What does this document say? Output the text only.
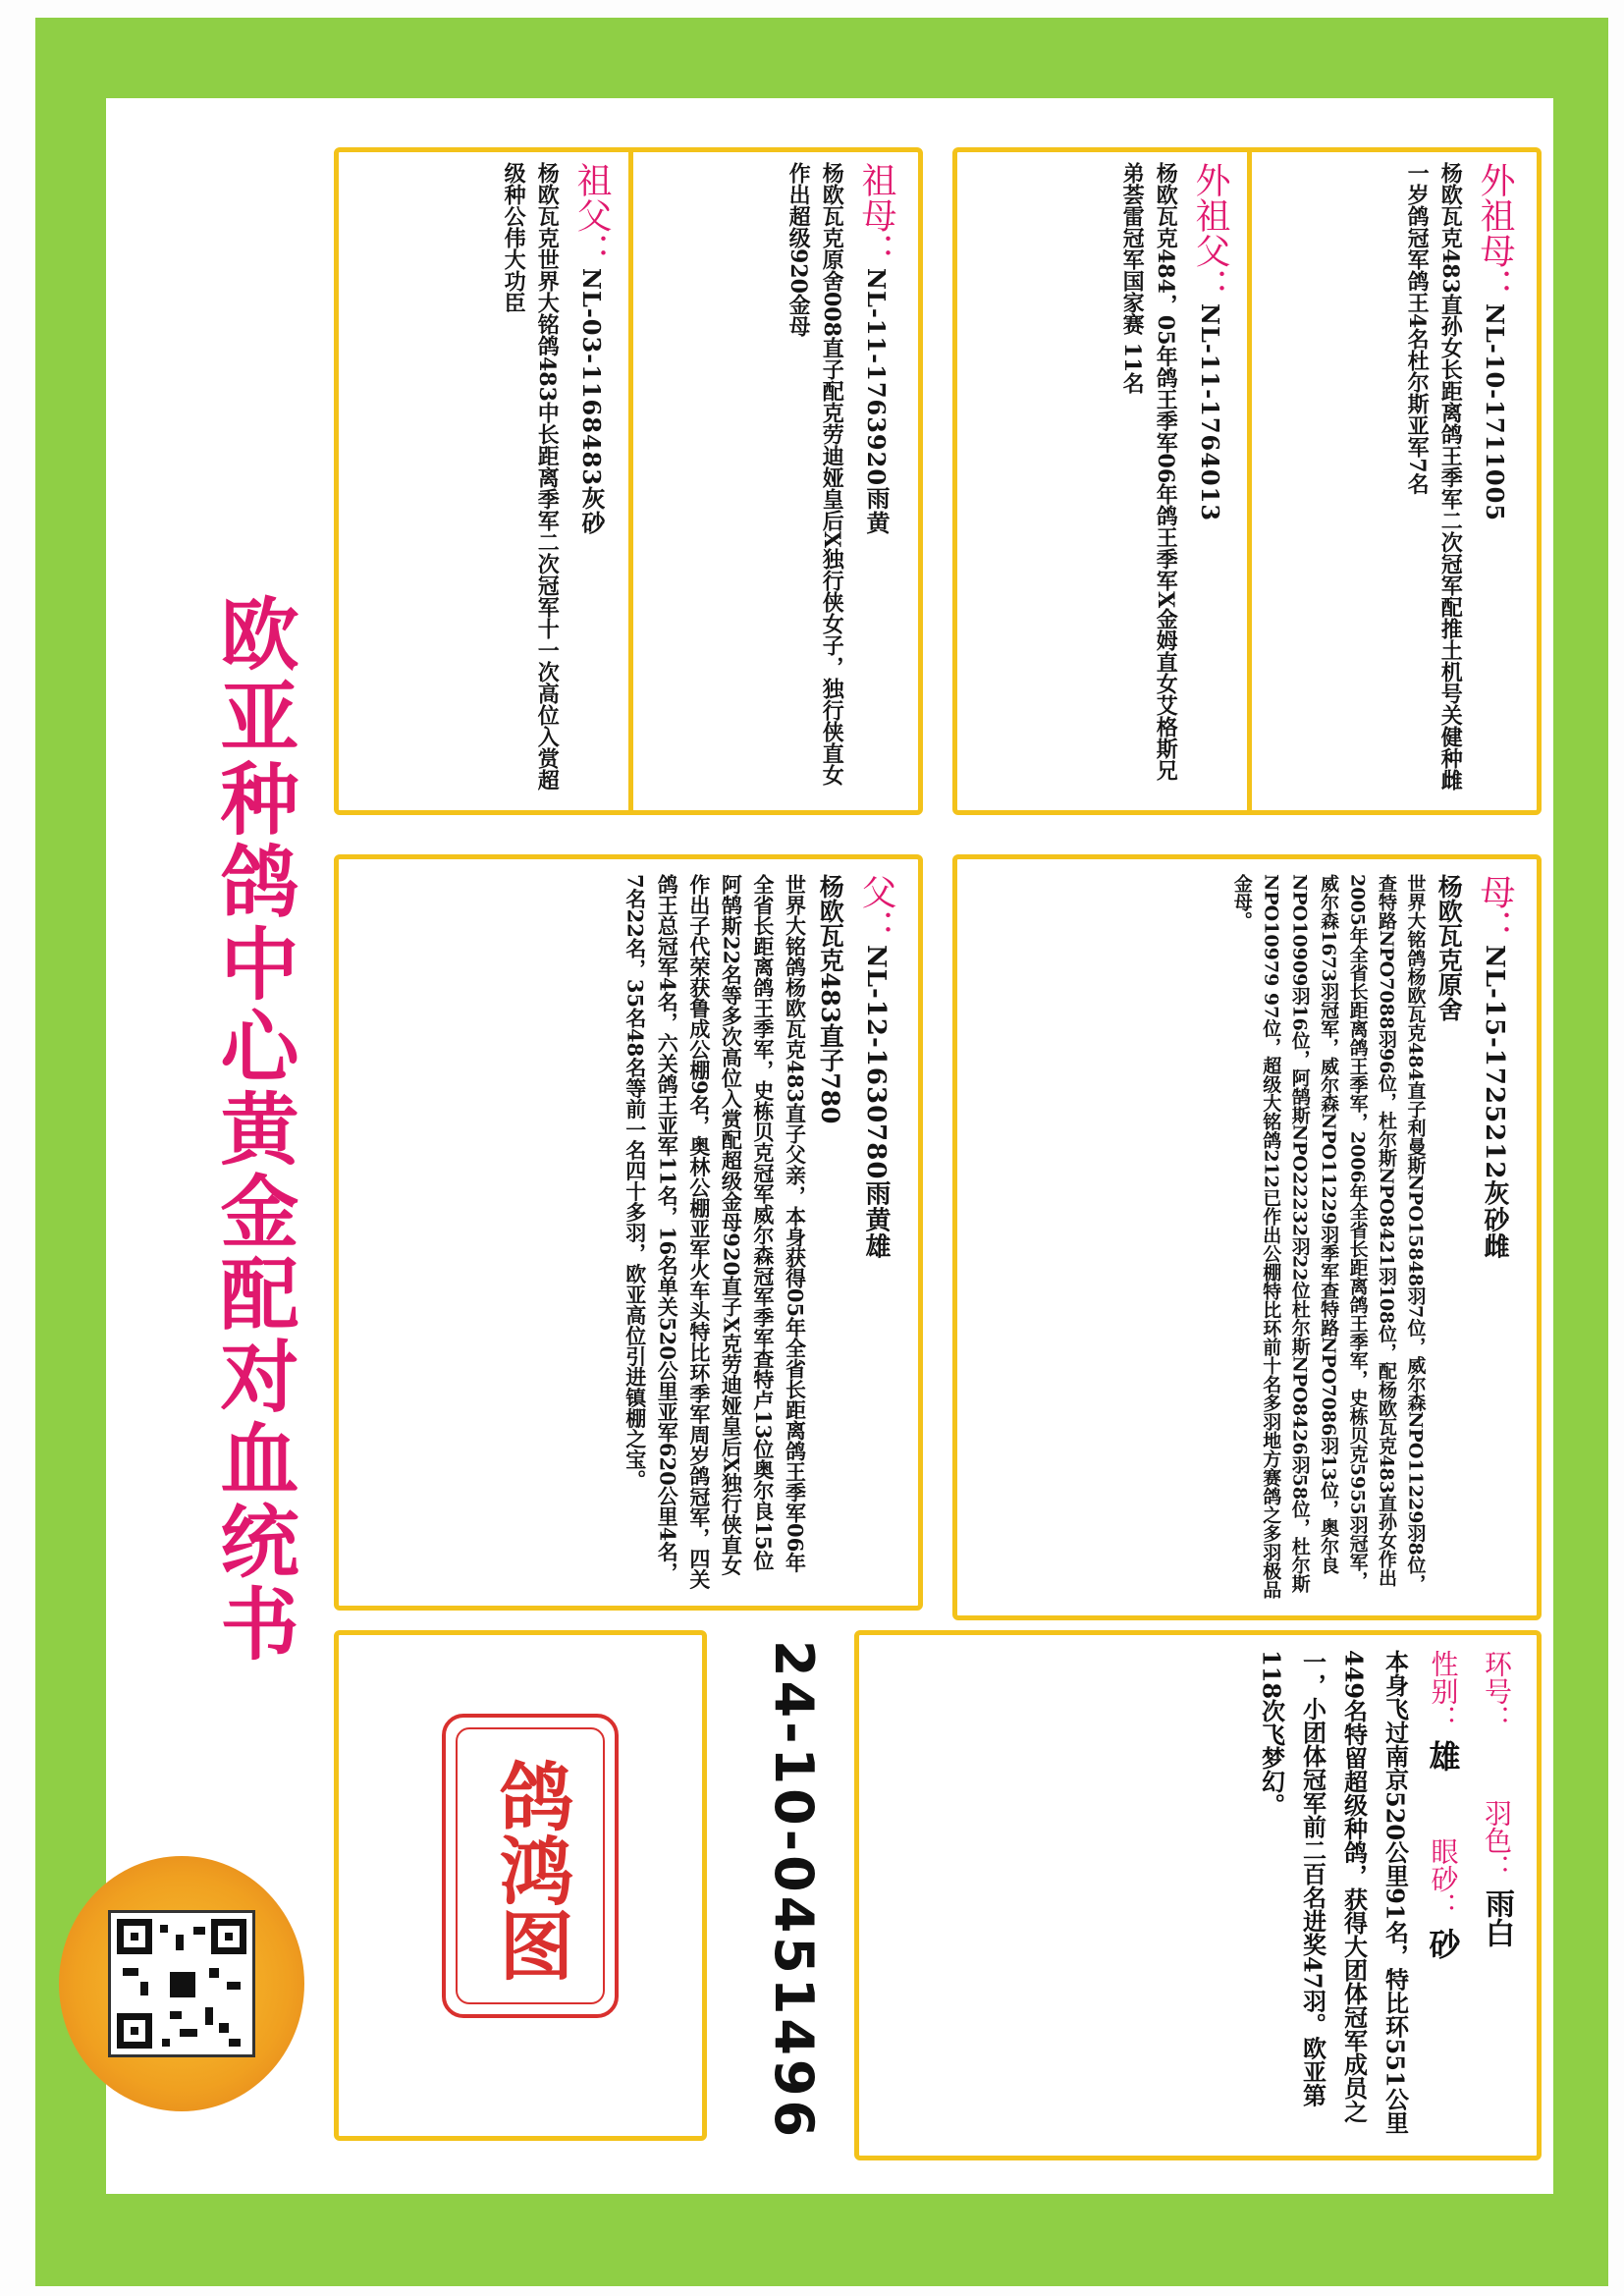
欧亚种鸽中心黄金配对血统书
祖父：NL-03-1168483灰砂

杨欧瓦克世界大铭鸽483中长距离季军二次冠军十一次高位入赏超级种公伟大功臣	祖母：NL-11-1763920雨黄

杨欧瓦克原舍008直子配克劳迪娅皇后X独行侠女子，独行侠直女作出超级920金母	外祖父：NL-11-1764013

杨欧瓦克484，05年鸽王季军06年鸽王季军X金姆直女艾格斯兄弟荟雷冠军国家赛 11名	外祖母：NL-10-1711005

杨欧瓦克483直孙女长距离鸽王季军二次冠军配推土机号关健种雌一岁鸽冠军鸽王4名杜尔斯亚军7名

父：NL-12-1630780雨黄雄

杨欧瓦克483直子780

世界大铭鸽杨欧瓦克483直子父亲，本身获得05年全省长距离鸽王季军06年全省长距离鸽王季军，史栋贝克冠军威尔森冠军季军查特卢13位奥尔良15位阿鹄斯22名等多次高位入赏配超级金母920直子X克劳迪娅皇后X独行侠直女作出子代荣获鲁成公棚9名，奥林公棚亚军火车头特比环季军周岁鸽冠军，四关鸽王总冠军4名，六关鸽王亚军11名，16名单关520公里亚军620公里4名，7名22名，35名48名等前一名四十多羽，欧亚高位引进镇棚之宝。	母：NL-15-1725212灰砂雌

杨欧瓦克原舍

世界大铭鸽杨欧瓦克484直子利曼斯NPO15848羽7位，威尔森NPO11229羽8位，查特路NPO7088羽96位，杜尔斯NPO8421羽108位，配杨欧瓦克483直孙女作出2005年全省长距离鸽王季军，2006年全省长距离鸽王季军，史栋贝克5955羽冠军，威尔森1673羽冠军，威尔森NPO11229羽季军查特路NPO7086羽13位，奥尔良NPO10909羽16位，阿鹄斯NPO22232羽22位杜尔斯NPO8426羽58位，杜尔斯NPO10979 97位，超级大铭鸽212已作出公棚特比环前十名多羽地方赛鸽之多羽极品金母。

24-10-0451496	环号： 羽色： 雨白

性别： 雄 眼砂： 砂

本身飞过南京520公里91名，特比环551公里449名特留超级种鸽，获得大团体冠军成员之一，小团体冠军前二百名进奖47羽。欧亚第118次飞梦幻。

鸽鸿图
